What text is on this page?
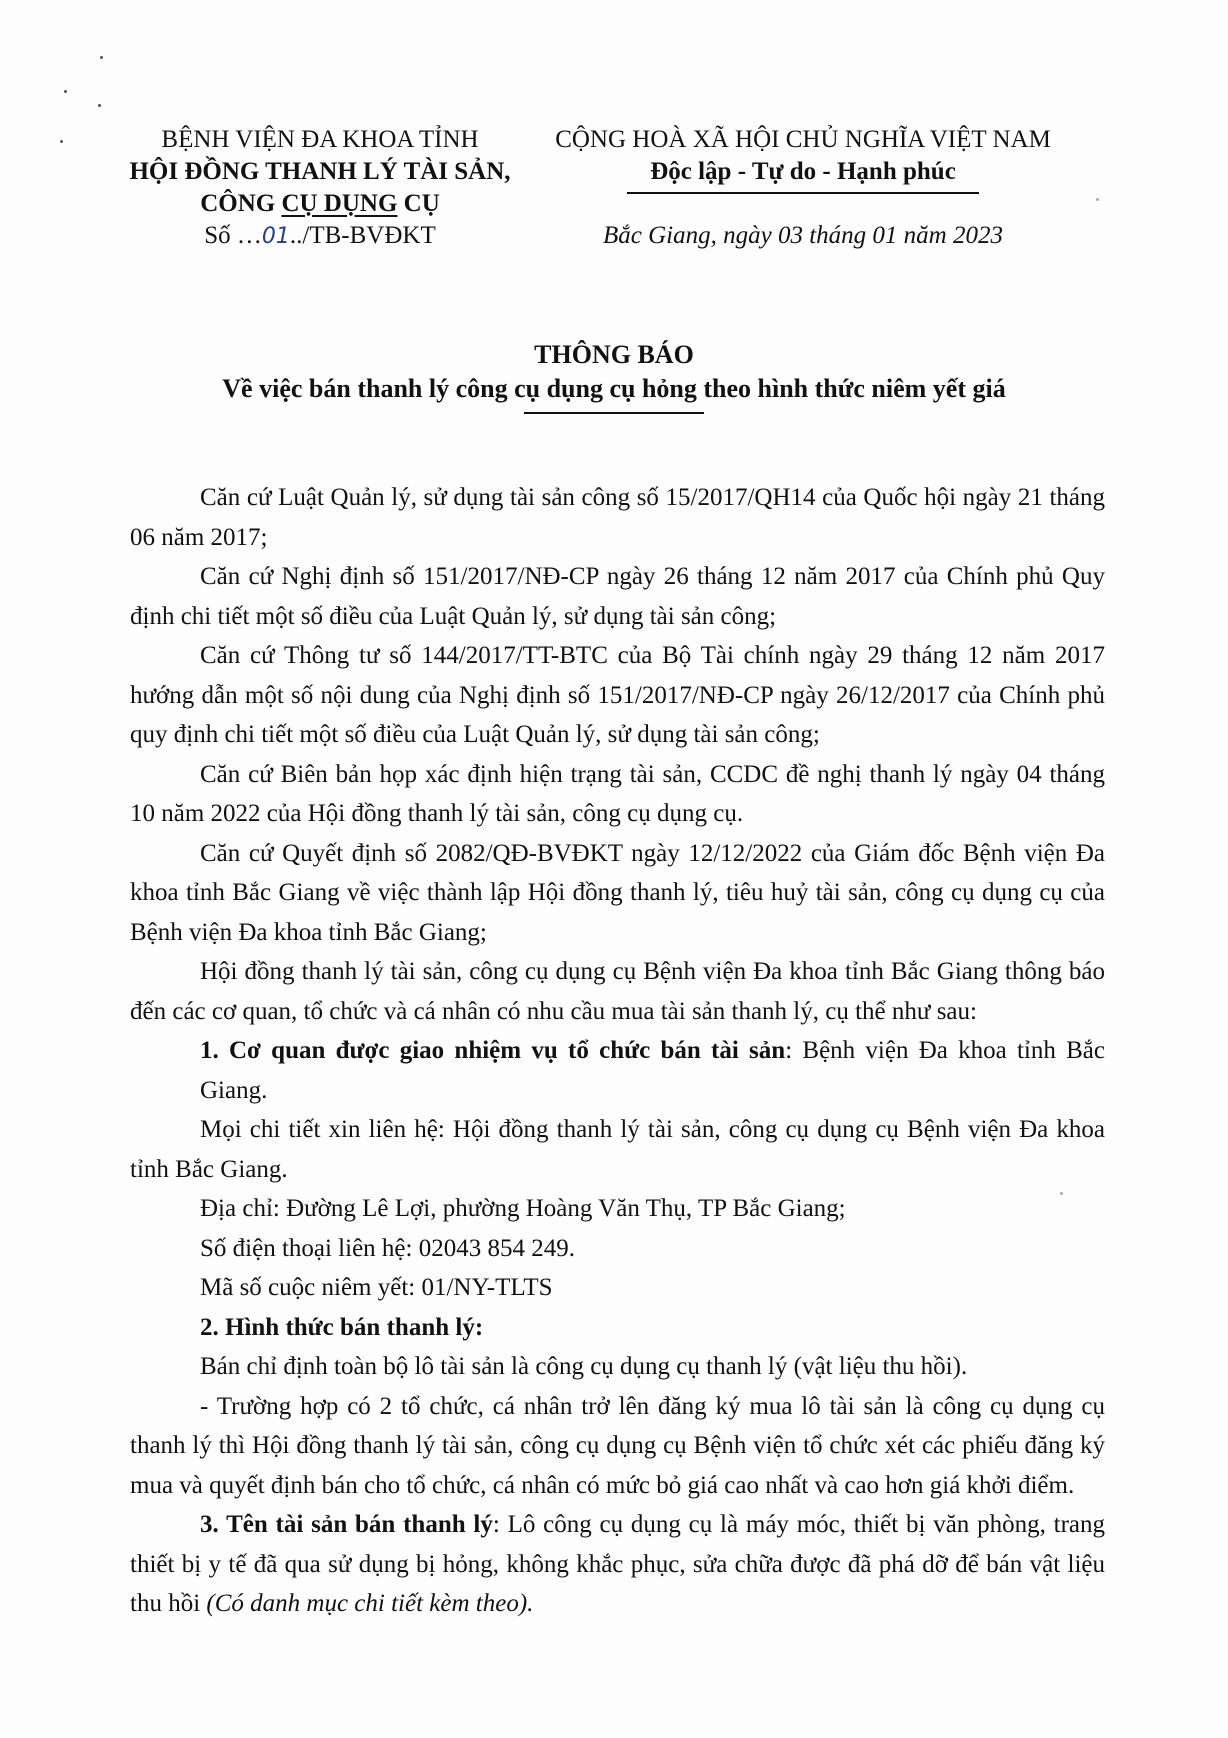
BỆNH VIỆN ĐA KHOA TỈNH
HỘI ĐỒNG THANH LÝ TÀI SẢN,
CÔNG CỤ DỤNG CỤ
Số …01../TB-BVĐKT
CỘNG HOÀ XÃ HỘI CHỦ NGHĨA VIỆT NAM
Độc lập - Tự do - Hạnh phúc
Bắc Giang, ngày 03 tháng 01 năm 2023
THÔNG BÁO
Về việc bán thanh lý công cụ dụng cụ hỏng theo hình thức niêm yết giá

Căn cứ Luật Quản lý, sử dụng tài sản công số 15/2017/QH14 của Quốc hội ngày 21 tháng 06 năm 2017;

Căn cứ Nghị định số 151/2017/NĐ-CP ngày 26 tháng 12 năm 2017 của Chính phủ Quy định chi tiết một số điều của Luật Quản lý, sử dụng tài sản công;

Căn cứ Thông tư số 144/2017/TT-BTC của Bộ Tài chính ngày 29 tháng 12 năm 2017 hướng dẫn một số nội dung của Nghị định số 151/2017/NĐ-CP ngày 26/12/2017 của Chính phủ quy định chi tiết một số điều của Luật Quản lý, sử dụng tài sản công;

Căn cứ Biên bản họp xác định hiện trạng tài sản, CCDC đề nghị thanh lý ngày 04 tháng 10 năm 2022 của Hội đồng thanh lý tài sản, công cụ dụng cụ.

Căn cứ Quyết định số 2082/QĐ-BVĐKT ngày 12/12/2022 của Giám đốc Bệnh viện Đa khoa tỉnh Bắc Giang về việc thành lập Hội đồng thanh lý, tiêu huỷ tài sản, công cụ dụng cụ của Bệnh viện Đa khoa tỉnh Bắc Giang;

Hội đồng thanh lý tài sản, công cụ dụng cụ Bệnh viện Đa khoa tỉnh Bắc Giang thông báo đến các cơ quan, tổ chức và cá nhân có nhu cầu mua tài sản thanh lý, cụ thể như sau:

1. Cơ quan được giao nhiệm vụ tổ chức bán tài sản: Bệnh viện Đa khoa tỉnh Bắc Giang.

Mọi chi tiết xin liên hệ: Hội đồng thanh lý tài sản, công cụ dụng cụ Bệnh viện Đa khoa tỉnh Bắc Giang.

Địa chỉ: Đường Lê Lợi, phường Hoàng Văn Thụ, TP Bắc Giang;

Số điện thoại liên hệ: 02043 854 249.

Mã số cuộc niêm yết: 01/NY-TLTS

2. Hình thức bán thanh lý:

Bán chỉ định toàn bộ lô tài sản là công cụ dụng cụ thanh lý (vật liệu thu hồi).

- Trường hợp có 2 tổ chức, cá nhân trở lên đăng ký mua lô tài sản là công cụ dụng cụ thanh lý thì Hội đồng thanh lý tài sản, công cụ dụng cụ Bệnh viện tổ chức xét các phiếu đăng ký mua và quyết định bán cho tổ chức, cá nhân có mức bỏ giá cao nhất và cao hơn giá khởi điểm.

3. Tên tài sản bán thanh lý: Lô công cụ dụng cụ là máy móc, thiết bị văn phòng, trang thiết bị y tế đã qua sử dụng bị hỏng, không khắc phục, sửa chữa được đã phá dỡ để bán vật liệu thu hồi (Có danh mục chi tiết kèm theo).
